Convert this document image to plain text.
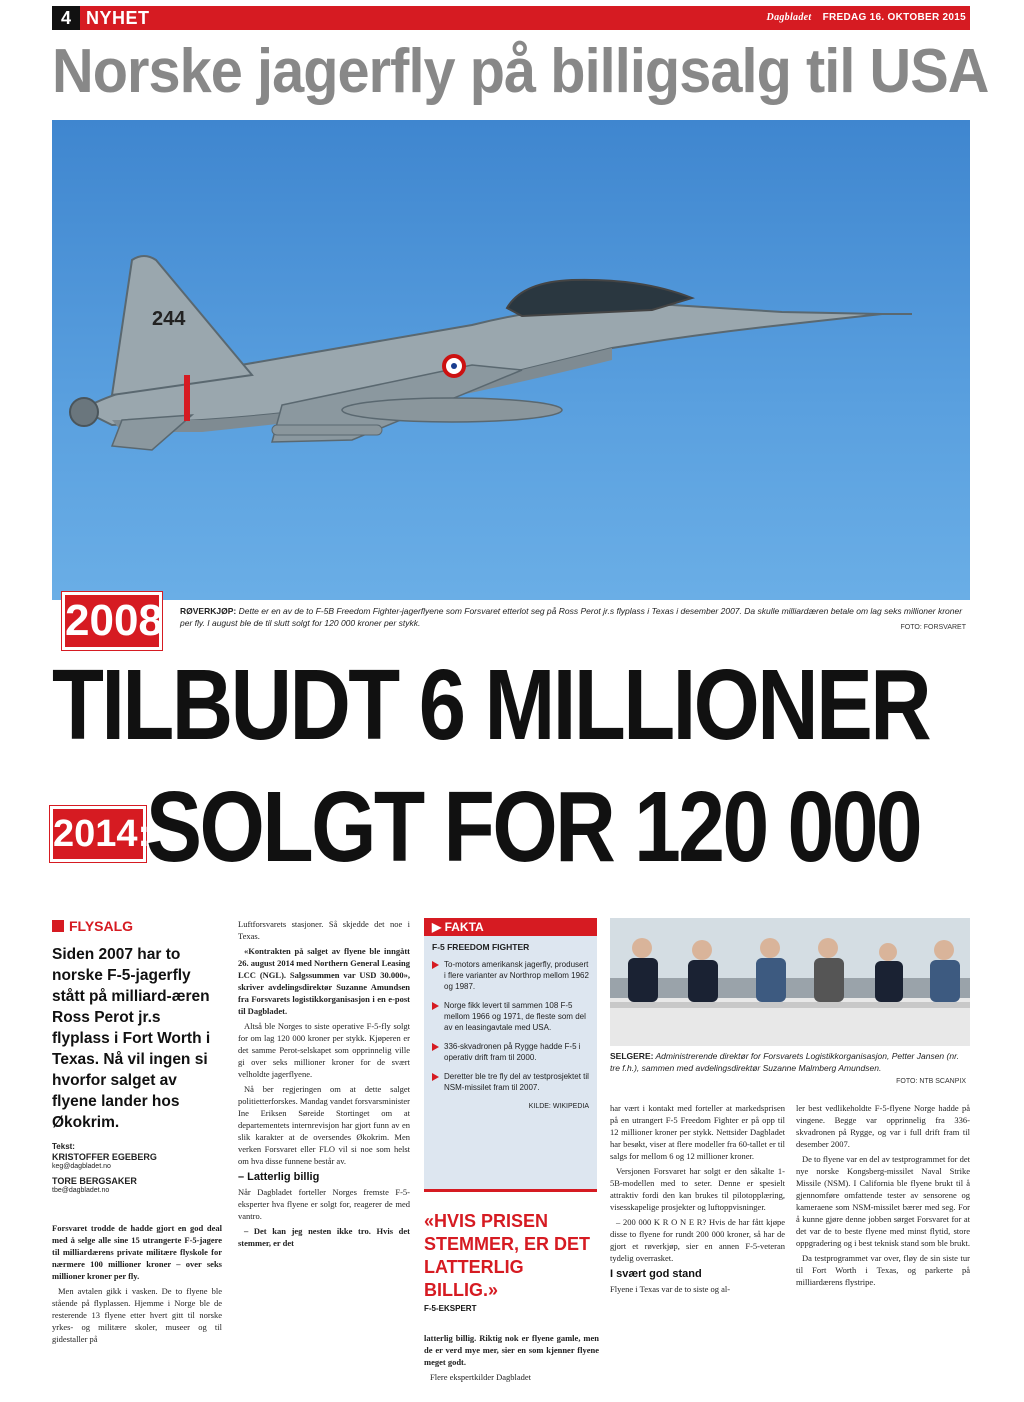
4 NYHET	Dagbladet FREDAG 16. OKTOBER 2015
Norske jagerfly på billigsalg til USA
244
RØVERKJØP: Dette er en av de to F-5B Freedom Fighter-jagerflyene som Forsvaret etterlot seg på Ross Perot jr.s flyplass i Texas i desember 2007. Da skulle milliardæren betale om lag seks millioner kroner per fly. I august ble de til slutt solgt for 120 000 kroner per stykk.	FOTO: FORSVARET
2008:
TILBUDT 6 MILLIONER
2014:
SOLGT FOR 120 000
FLYSALG
Siden 2007 har to norske F-5-jagerfly stått på milliard-æren Ross Perot jr.s flyplass i Fort Worth i Texas. Nå vil ingen si hvorfor salget av flyene lander hos Økokrim.
Tekst:
KRISTOFFER EGEBERG
keg@dagbladet.no
TORE BERGSAKER
tbe@dagbladet.no

Forsvaret trodde de hadde gjort en god deal med å selge alle sine 15 utrangerte F-5-jagere til milliardærens private militære flyskole for nærmere 100 millioner kroner – over seks millioner kroner per fly.

Men avtalen gikk i vasken. De to flyene ble stående på flyplassen. Hjemme i Norge ble de resterende 13 flyene etter hvert gitt til norske yrkes- og militære skoler, museer og til gidestaller på

Luftforsvarets stasjoner. Så skjedde det noe i Texas.

«Kontrakten på salget av flyene ble inngått 26. august 2014 med Northern General Leasing LCC (NGL). Salgssummen var USD 30.000», skriver avdelingsdirektør Suzanne Amundsen fra Forsvarets logistikkorganisasjon i en e-post til Dagbladet.

Altså ble Norges to siste operative F-5-fly solgt for om lag 120 000 kroner per stykk. Kjøperen er det samme Perot-selskapet som opprinnelig ville gi over seks millioner kroner for de svært velholdte jagerflyene.

Nå ber regjeringen om at dette salget politietterforskes. Mandag vandet forsvarsminister Ine Eriksen Søreide Stortinget om at departementets internrevisjon har gjort funn av en slik karakter at de oversendes Økokrim. Men verken Forsvaret eller FLO vil si noe som helst om hva disse funnene består av.

– Latterlig billig

Når Dagbladet forteller Norges fremste F-5-eksperter hva flyene er solgt for, reagerer de med vantro.

– Det kan jeg nesten ikke tro. Hvis det stemmer, er det

▶ FAKTA
F-5 FREEDOM FIGHTER
To-motors amerikansk jagerfly, produsert i flere varianter av Northrop mellom 1962 og 1987.
Norge fikk levert til sammen 108 F-5 mellom 1966 og 1971, de fleste som del av en leasingavtale med USA.
336-skvadronen på Rygge hadde F-5 i operativ drift fram til 2000.
Deretter ble tre fly del av testprosjektet til NSM-missilet fram til 2007.
KILDE: WIKIPEDIA
«HVIS PRISEN STEMMER, ER DET LATTERLIG BILLIG.»
F-5-EKSPERT

latterlig billig. Riktig nok er flyene gamle, men de er verd mye mer, sier en som kjenner flyene meget godt.

Flere ekspertkilder Dagbladet

SELGERE: Administrerende direktør for Forsvarets Logistikkorganisasjon, Petter Jansen (nr. tre f.h.), sammen med avdelingsdirektør Suzanne Malmberg Amundsen.
FOTO: NTB SCANPIX

har vært i kontakt med forteller at markedsprisen på en utrangert F-5 Freedom Fighter er på opp til 12 millioner kroner per stykk. Nettsider Dagbladet har besøkt, viser at flere modeller fra 60-tallet er til salgs for mellom 6 og 12 millioner kroner.

Versjonen Forsvaret har solgt er den såkalte 1-5B-modellen med to seter. Denne er spesielt attraktiv fordi den kan brukes til pilotopplæring, visesskapelige prosjekter og luftoppvisninger.

– 200 000 K R O N E R? Hvis de har fått kjøpe disse to flyene for rundt 200 000 kroner, så har de gjort et røverkjøp, sier en annen F-5-veteran tydelig overrasket.

I svært god stand

Flyene i Texas var de to siste og al-

ler best vedlikeholdte F-5-flyene Norge hadde på vingene. Begge var opprinnelig fra 336-skvadronen på Rygge, og var i full drift fram til desember 2007.

De to flyene var en del av testprogrammet for det nye norske Kongsberg-missilet Naval Strike Missile (NSM). I California ble flyene brukt til å gjennomføre omfattende tester av sensorene og kameraene som NSM-missilet bærer med seg. For å kunne gjøre denne jobben sørget Forsvaret for at det var de to beste flyene med minst flytid, store oppgradering og i best teknisk stand som ble brukt.

Da testprogrammet var over, fløy de sin siste tur til Fort Worth i Texas, og parkerte på milliardærens flystripe.
